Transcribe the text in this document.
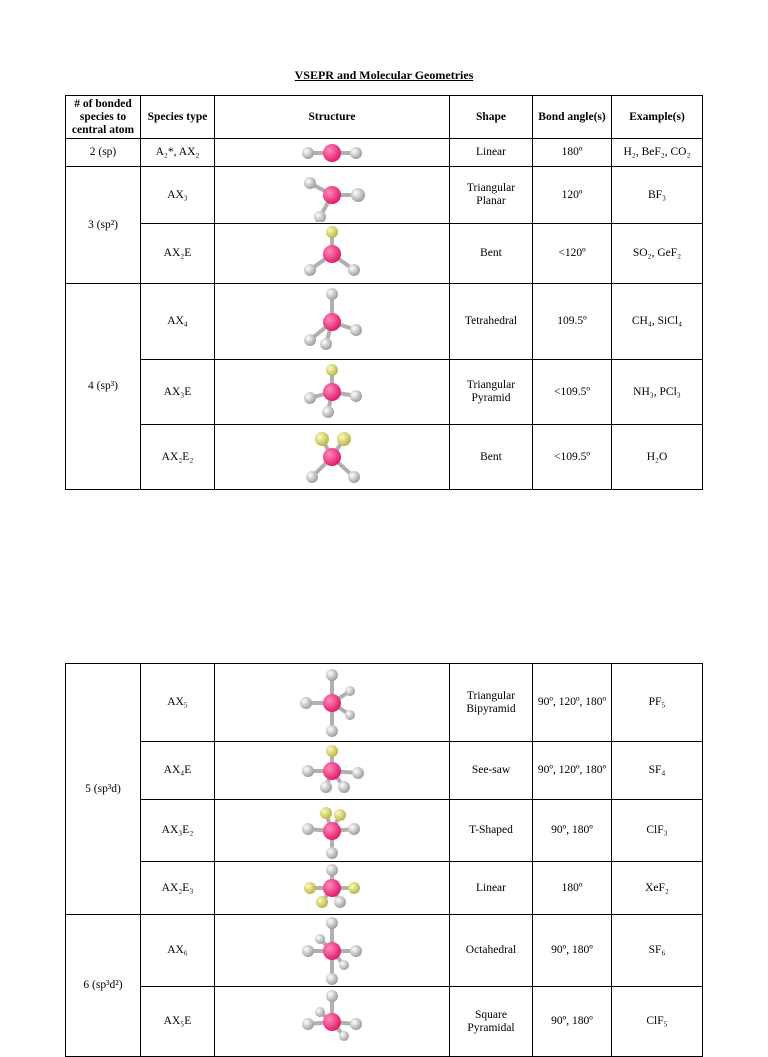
VSEPR and Molecular Geometries
# of bonded species to central atom	Species type	Structure	Shape	Bond angle(s)	Example(s)
2 (sp)	A₂*, AX₂		Linear	180º	H₂, BeF₂, CO₂
3 (sp²)	AX₃		Triangular Planar	120º	BF₃
	AX₂E		Bent	<120º	SO₂, GeF₂
4 (sp³)	AX₄		Tetrahedral	109.5º	CH₄, SiCl₄
	AX₃E		Triangular Pyramid	<109.5º	NH₃, PCl₃
	AX₂E₂		Bent	<109.5º	H₂O
5 (sp³d)	AX₅		Triangular Bipyramid	90º, 120º, 180º	PF₅
	AX₄E		See-saw	90º, 120º, 180º	SF₄
	AX₃E₂		T-Shaped	90º, 180º	ClF₃
	AX₂E₃		Linear	180º	XeF₂
6 (sp³d²)	AX₆		Octahedral	90º, 180º	SF₆
	AX₅E		Square Pyramidal	90º, 180º	ClF₅
